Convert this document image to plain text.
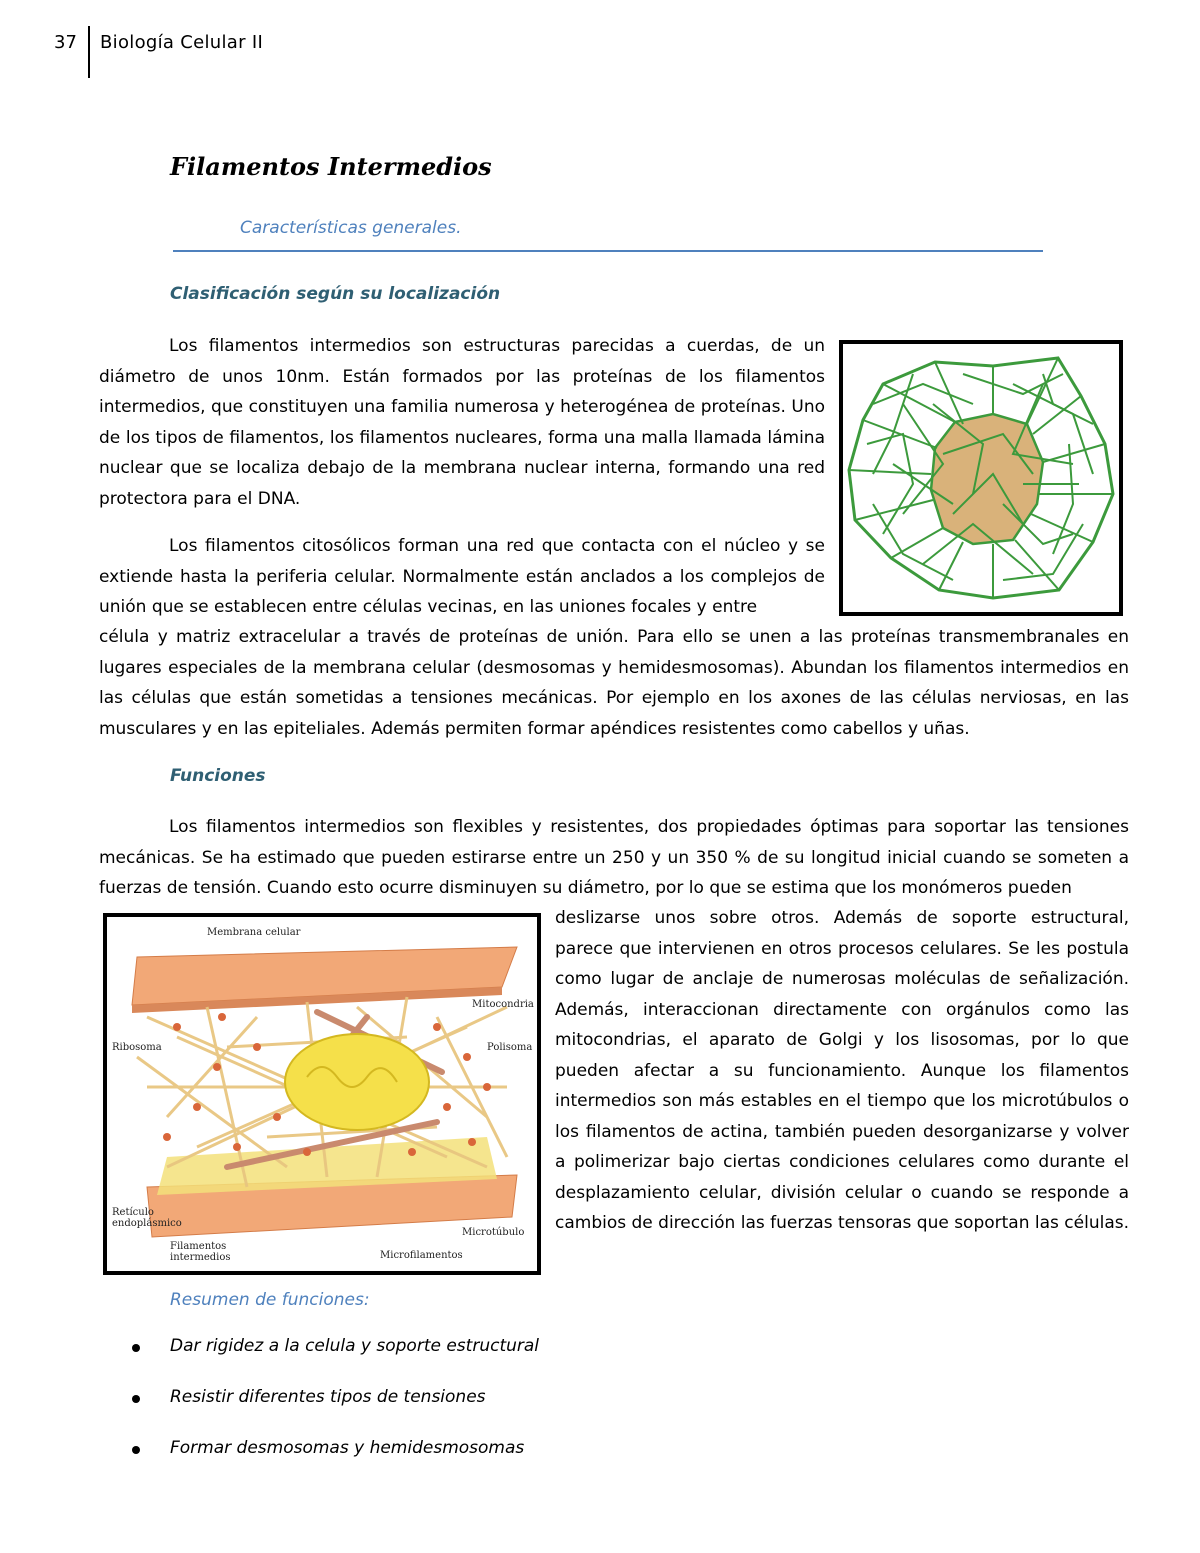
37 Biología Celular II
Filamentos Intermedios
Características generales.
Clasificación según su localización

Los filamentos intermedios son estructuras parecidas a cuerdas, de un diámetro de unos 10nm. Están formados por las proteínas de los filamentos intermedios, que constituyen una familia numerosa y heterogénea de proteínas. Uno de los tipos de filamentos, los filamentos nucleares, forma una malla llamada lámina nuclear que se localiza debajo de la membrana nuclear interna, formando una red protectora para el DNA.

Los filamentos citosólicos forman una red que contacta con el núcleo y se extiende hasta la periferia celular. Normalmente están anclados a los complejos de unión que se establecen entre células vecinas, en las uniones focales y entre

célula y matriz extracelular a través de proteínas de unión. Para ello se unen a las proteínas transmembranales en lugares especiales de la membrana celular (desmosomas y hemidesmosomas). Abundan los filamentos intermedios en las células que están sometidas a tensiones mecánicas. Por ejemplo en los axones de las células nerviosas, en las musculares y en las epiteliales. Además permiten formar apéndices resistentes como cabellos y uñas.

Funciones

Los filamentos intermedios son flexibles y resistentes, dos propiedades óptimas para soportar las tensiones mecánicas. Se ha estimado que pueden estirarse entre un 250 y un 350 % de su longitud inicial cuando se someten a fuerzas de tensión. Cuando esto ocurre disminuyen su diámetro, por lo que se estima que los monómeros pueden

deslizarse unos sobre otros. Además de soporte estructural, parece que intervienen en otros procesos celulares. Se les postula como lugar de anclaje de numerosas moléculas de señalización. Además, interaccionan directamente con orgánulos como las mitocondrias, el aparato de Golgi y los lisosomas, por lo que pueden afectar a su funcionamiento. Aunque los filamentos intermedios son más estables en el tiempo que los microtúbulos o los filamentos de actina, también pueden desorganizarse y volver a polimerizar bajo ciertas condiciones celulares como durante el desplazamiento celular, división celular o cuando se responde a cambios de dirección las fuerzas tensoras que soportan las células.

Membrana celular
Mitocondria
Ribosoma	Polisoma
Retículo endoplásmico
Microtúbulo
Filamentos intermedios	Microfilamentos
Resumen de funciones:
Dar rigidez a la celula y soporte estructural
Resistir diferentes tipos de tensiones
Formar desmosomas y hemidesmosomas
